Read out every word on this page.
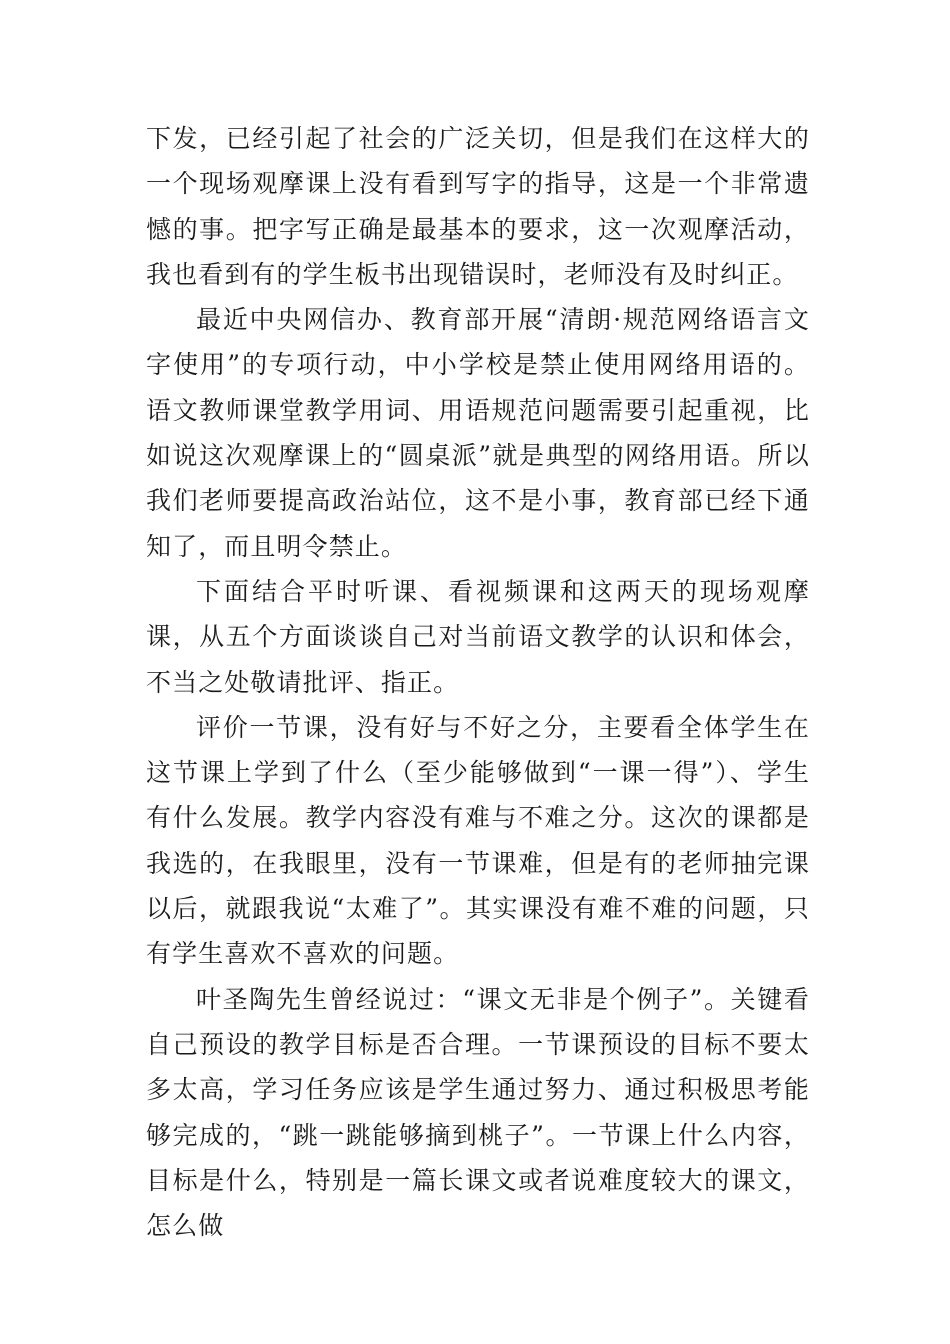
下发，已经引起了社会的广泛关切，但是我们在这样大的一个现场观摩课上没有看到写字的指导，这是一个非常遗憾的事。把字写正确是最基本的要求，这一次观摩活动，我也看到有的学生板书出现错误时，老师没有及时纠正。

最近中央网信办、教育部开展“清朗·规范网络语言文字使用”的专项行动，中小学校是禁止使用网络用语的。语文教师课堂教学用词、用语规范问题需要引起重视，比如说这次观摩课上的“圆桌派”就是典型的网络用语。所以我们老师要提高政治站位，这不是小事，教育部已经下通知了，而且明令禁止。

下面结合平时听课、看视频课和这两天的现场观摩课，从五个方面谈谈自己对当前语文教学的认识和体会，不当之处敬请批评、指正。

评价一节课，没有好与不好之分，主要看全体学生在这节课上学到了什么（至少能够做到“一课一得”）、学生有什么发展。教学内容没有难与不难之分。这次的课都是我选的，在我眼里，没有一节课难，但是有的老师抽完课以后，就跟我说“太难了”。其实课没有难不难的问题，只有学生喜欢不喜欢的问题。

叶圣陶先生曾经说过：“课文无非是个例子”。关键看自己预设的教学目标是否合理。一节课预设的目标不要太多太高，学习任务应该是学生通过努力、通过积极思考能够完成的，“跳一跳能够摘到桃子”。一节课上什么内容，目标是什么，特别是一篇长课文或者说难度较大的课文，怎么做
